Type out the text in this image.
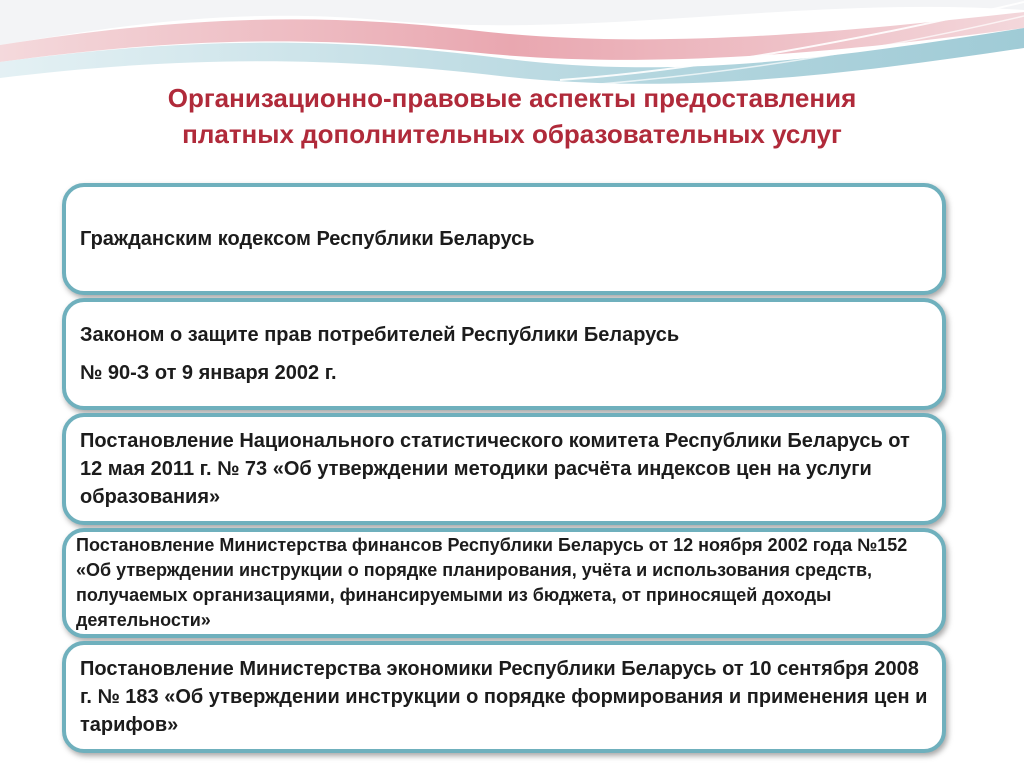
Организационно-правовые аспекты предоставления
платных дополнительных образовательных услуг

Гражданским кодексом Республики Беларусь

Законом о защите прав потребителей Республики Беларусь

№ 90-З от 9 января 2002 г.

Постановление Национального статистического комитета Республики Беларусь от 12 мая 2011 г. № 73 «Об утверждении методики расчёта индексов цен на услуги образования»

Постановление Министерства финансов Республики Беларусь от 12 ноября 2002 года №152 «Об утверждении инструкции о порядке планирования, учёта и использования средств, получаемых организациями, финансируемыми из бюджета, от приносящей доходы деятельности»

Постановление Министерства экономики Республики Беларусь от 10 сентября 2008 г. № 183 «Об утверждении инструкции о порядке формирования и применения цен и тарифов»
